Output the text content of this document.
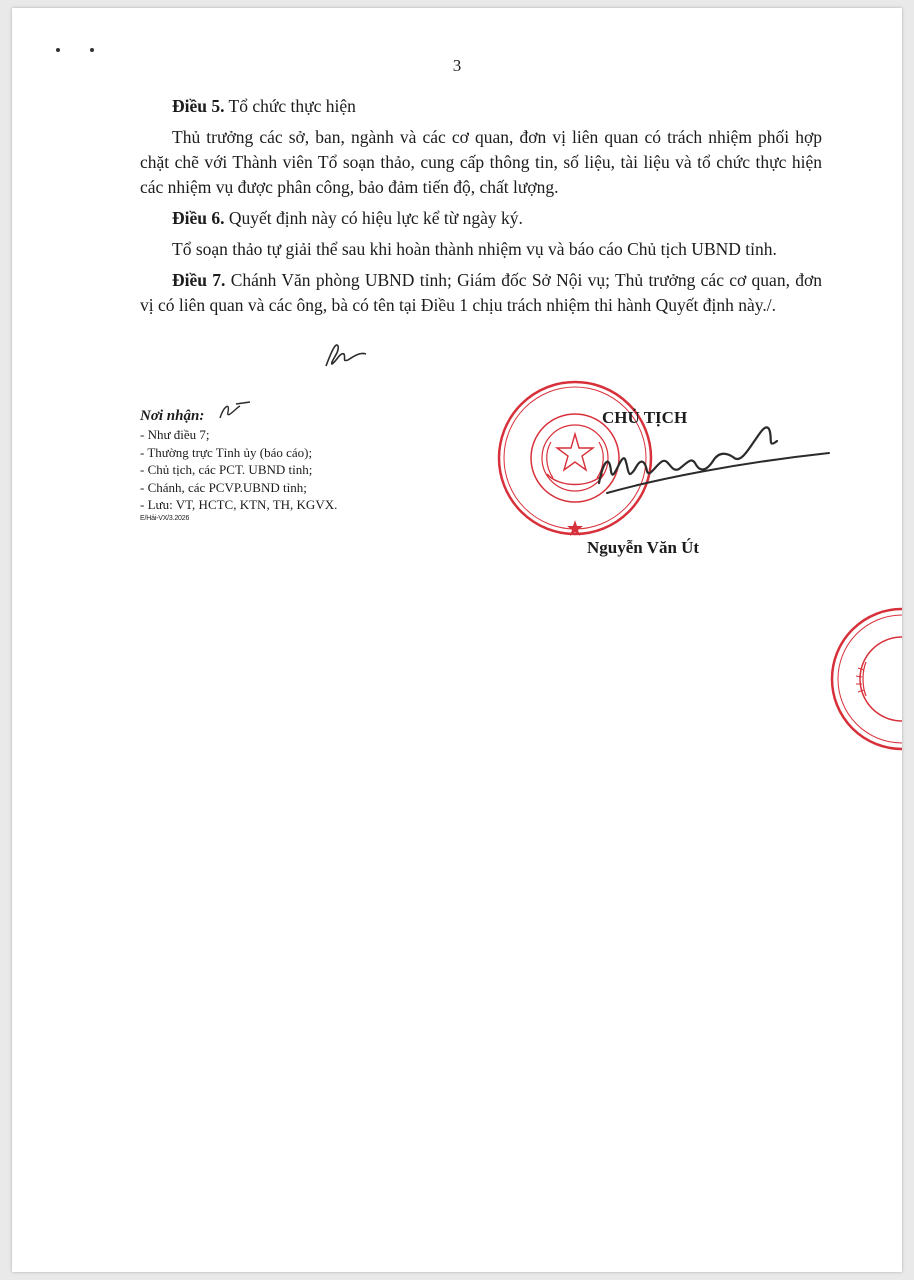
3

Điều 5. Tổ chức thực hiện

Thủ trưởng các sở, ban, ngành và các cơ quan, đơn vị liên quan có trách nhiệm phối hợp chặt chẽ với Thành viên Tổ soạn thảo, cung cấp thông tin, số liệu, tài liệu và tổ chức thực hiện các nhiệm vụ được phân công, bảo đảm tiến độ, chất lượng.

Điều 6. Quyết định này có hiệu lực kể từ ngày ký.

Tổ soạn thảo tự giải thể sau khi hoàn thành nhiệm vụ và báo cáo Chủ tịch UBND tỉnh.

Điều 7. Chánh Văn phòng UBND tỉnh; Giám đốc Sở Nội vụ; Thủ trưởng các cơ quan, đơn vị có liên quan và các ông, bà có tên tại Điều 1 chịu trách nhiệm thi hành Quyết định này./.

Nơi nhận:
- Như điều 7;
- Thường trực Tỉnh ủy (báo cáo);
- Chủ tịch, các PCT. UBND tỉnh;
- Chánh, các PCVP.UBND tỉnh;
- Lưu: VT, HCTC, KTN, TH, KGVX.
E/Hải-VX/3.2026
CHỦ TỊCH
Nguyễn Văn Út
